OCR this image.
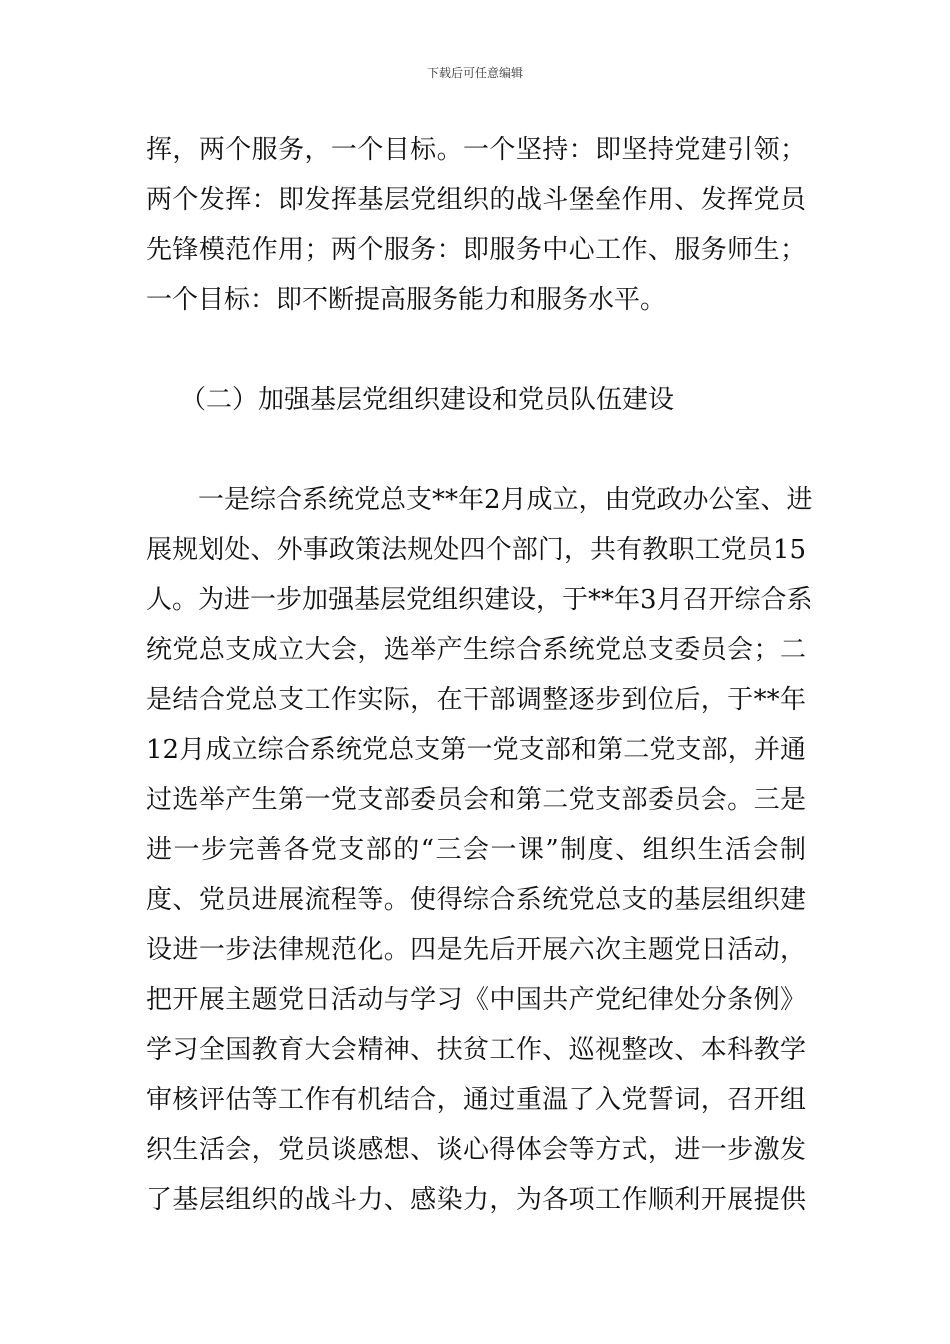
下载后可任意编辑
挥，两个服务，一个目标。一个坚持：即坚持党建引领；
两个发挥：即发挥基层党组织的战斗堡垒作用、发挥党员
先锋模范作用；两个服务：即服务中心工作、服务师生；
一个目标：即不断提高服务能力和服务水平。
（二）加强基层党组织建设和党员队伍建设
　　一是综合系统党总支**年2月成立，由党政办公室、进
展规划处、外事政策法规处四个部门，共有教职工党员15
人。为进一步加强基层党组织建设，于**年3月召开综合系
统党总支成立大会，选举产生综合系统党总支委员会；二
是结合党总支工作实际，在干部调整逐步到位后，于**年
12月成立综合系统党总支第一党支部和第二党支部，并通
过选举产生第一党支部委员会和第二党支部委员会。三是
进一步完善各党支部的“三会一课”制度、组织生活会制
度、党员进展流程等。使得综合系统党总支的基层组织建
设进一步法律规范化。四是先后开展六次主题党日活动，
把开展主题党日活动与学习《中国共产党纪律处分条例》
学习全国教育大会精神、扶贫工作、巡视整改、本科教学
审核评估等工作有机结合，通过重温了入党誓词，召开组
织生活会，党员谈感想、谈心得体会等方式，进一步激发
了基层组织的战斗力、感染力，为各项工作顺利开展提供
